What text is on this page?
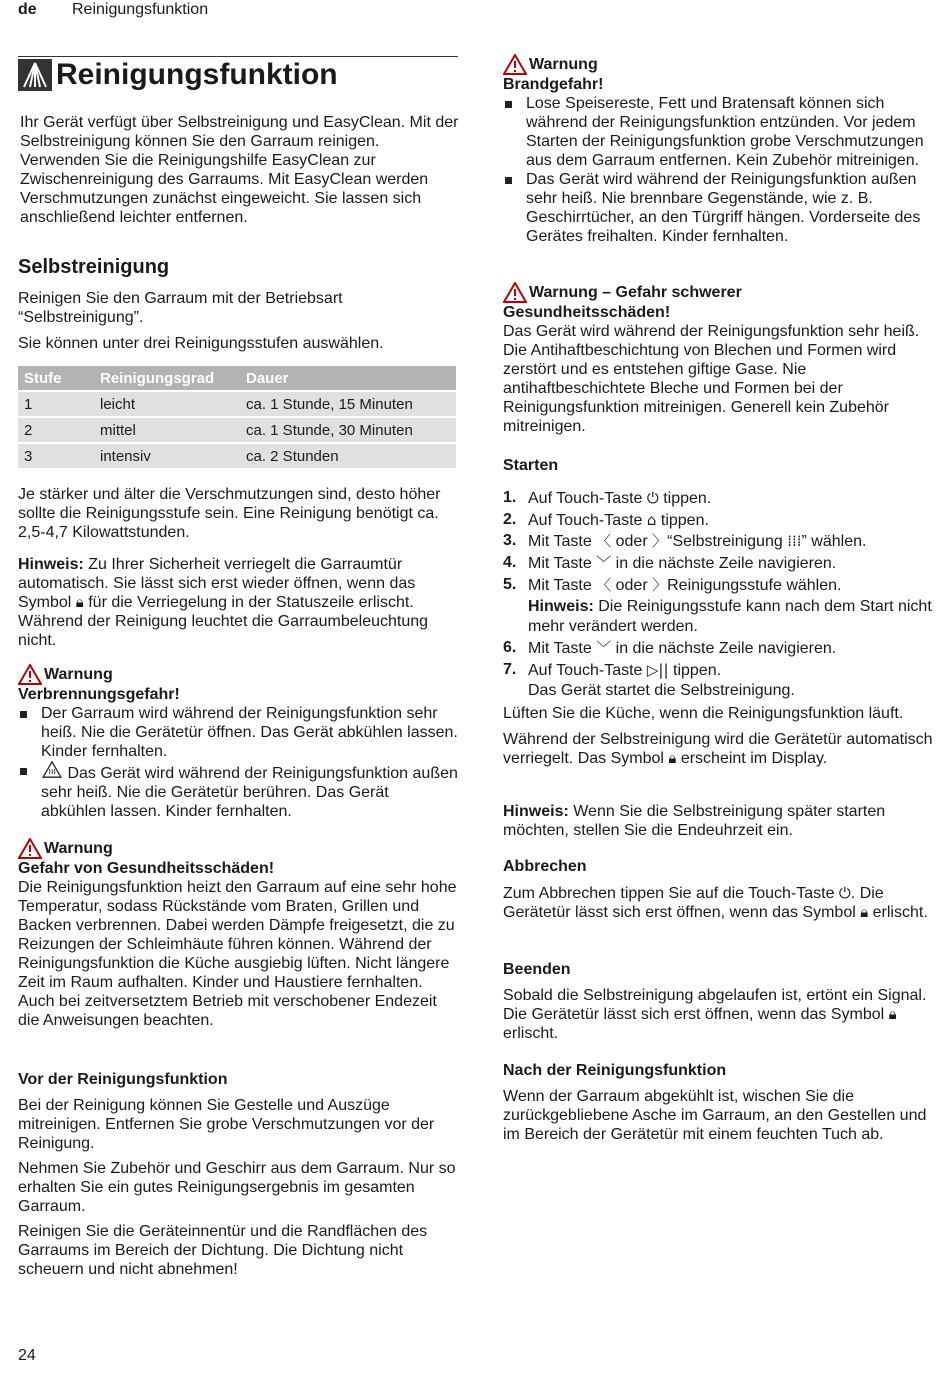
de Reinigungsfunktion
Reinigungsfunktion

Ihr Gerät verfügt über Selbstreinigung und EasyClean. Mit der Selbstreinigung können Sie den Garraum reinigen. Verwenden Sie die Reinigungshilfe EasyClean zur Zwischenreinigung des Garraums. Mit EasyClean werden Verschmutzungen zunächst eingeweicht. Sie lassen sich anschließend leichter entfernen.

Selbstreinigung

Reinigen Sie den Garraum mit der Betriebsart “Selbstreinigung”.

Sie können unter drei Reinigungsstufen auswählen.

Stufe	Reinigungsgrad	Dauer
1	leicht	ca. 1 Stunde, 15 Minuten
2	mittel	ca. 1 Stunde, 30 Minuten
3	intensiv	ca. 2 Stunden

Je stärker und älter die Verschmutzungen sind, desto höher sollte die Reinigungsstufe sein. Eine Reinigung benötigt ca. 2,5-4,7 Kilowattstunden.

Hinweis: Zu Ihrer Sicherheit verriegelt die Garraumtür automatisch. Sie lässt sich erst wieder öffnen, wenn das Symbol 🔒︎ für die Verriegelung in der Statuszeile erlischt. Während der Reinigung leuchtet die Garraumbeleuchtung nicht.

Warnung
Verbrennungsgefahr!
Der Garraum wird während der Reinigungsfunktion sehr heiß. Nie die Gerätetür öffnen. Das Gerät abkühlen lassen. Kinder fernhalten.
Das Gerät wird während der Reinigungsfunktion außen sehr heiß. Nie die Gerätetür berühren. Das Gerät abkühlen lassen. Kinder fernhalten.
Warnung
Gefahr von Gesundheitsschäden!

Die Reinigungsfunktion heizt den Garraum auf eine sehr hohe Temperatur, sodass Rückstände vom Braten, Grillen und Backen verbrennen. Dabei werden Dämpfe freigesetzt, die zu Reizungen der Schleimhäute führen können. Während der Reinigungsfunktion die Küche ausgiebig lüften. Nicht längere Zeit im Raum aufhalten. Kinder und Haustiere fernhalten. Auch bei zeitversetztem Betrieb mit verschobener Endezeit die Anweisungen beachten.

Vor der Reinigungsfunktion

Bei der Reinigung können Sie Gestelle und Auszüge mitreinigen. Entfernen Sie grobe Verschmutzungen vor der Reinigung.

Nehmen Sie Zubehör und Geschirr aus dem Garraum. Nur so erhalten Sie ein gutes Reinigungsergebnis im gesamten Garraum.

Reinigen Sie die Geräteinnentür und die Randflächen des Garraums im Bereich der Dichtung. Die Dichtung nicht scheuern und nicht abnehmen!

Warnung
Brandgefahr!
Lose Speisereste, Fett und Bratensaft können sich während der Reinigungsfunktion entzünden. Vor jedem Starten der Reinigungsfunktion grobe Verschmutzungen aus dem Garraum entfernen. Kein Zubehör mitreinigen.
Das Gerät wird während der Reinigungsfunktion außen sehr heiß. Nie brennbare Gegenstände, wie z. B. Geschirrtücher, an den Türgriff hängen. Vorderseite des Gerätes freihalten. Kinder fernhalten.
Warnung – Gefahr schwerer
Gesundheitsschäden!

Das Gerät wird während der Reinigungsfunktion sehr heiß. Die Antihaftbeschichtung von Blechen und Formen wird zerstört und es entstehen giftige Gase. Nie antihaftbeschichtete Bleche und Formen bei der Reinigungsfunktion mitreinigen. Generell kein Zubehör mitreinigen.

Starten
1. Auf Touch-Taste ⏻ tippen.
2. Auf Touch-Taste ⌂ tippen.
3. Mit Taste 〈 oder 〉“Selbstreinigung ⁞⁞⁞” wählen.
4. Mit Taste ﹀ in die nächste Zeile navigieren.
5. Mit Taste 〈 oder 〉Reinigungsstufe wählen.
Hinweis: Die Reinigungsstufe kann nach dem Start nicht mehr verändert werden.
6. Mit Taste ﹀ in die nächste Zeile navigieren.
7. Auf Touch-Taste ▷|| tippen.
Das Gerät startet die Selbstreinigung.

Lüften Sie die Küche, wenn die Reinigungsfunktion läuft.

Während der Selbstreinigung wird die Gerätetür automatisch verriegelt. Das Symbol 🔒︎ erscheint im Display.

Hinweis: Wenn Sie die Selbstreinigung später starten möchten, stellen Sie die Endeuhrzeit ein.

Abbrechen

Zum Abbrechen tippen Sie auf die Touch-Taste ⏻. Die Gerätetür lässt sich erst öffnen, wenn das Symbol 🔒︎ erlischt.

Beenden

Sobald die Selbstreinigung abgelaufen ist, ertönt ein Signal. Die Gerätetür lässt sich erst öffnen, wenn das Symbol 🔒︎ erlischt.

Nach der Reinigungsfunktion

Wenn der Garraum abgekühlt ist, wischen Sie die zurückgebliebene Asche im Garraum, an den Gestellen und im Bereich der Gerätetür mit einem feuchten Tuch ab.

24
